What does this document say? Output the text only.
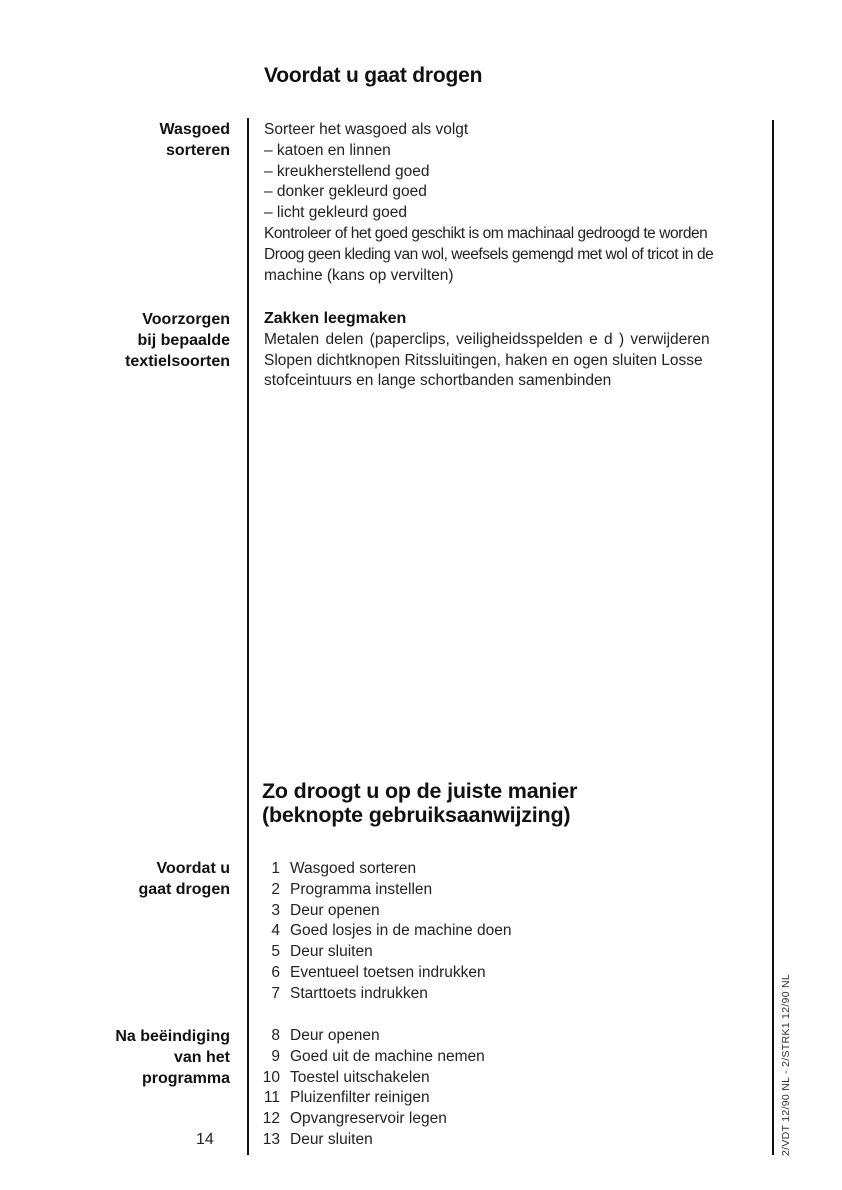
Voordat u gaat drogen
Wasgoed
sorteren
Sorteer het wasgoed als volgt
– katoen en linnen
– kreukherstellend goed
– donker gekleurd goed
– licht gekleurd goed
Kontroleer of het goed geschikt is om machinaal gedroogd te worden
Droog geen kleding van wol, weefsels gemengd met wol of tricot in de
machine (kans op vervilten)
Voorzorgen
bij bepaalde
textielsoorten
Zakken leegmaken
Metalen delen (paperclips, veiligheidsspelden e d ) verwijderen
Slopen dichtknopen Ritssluitingen, haken en ogen sluiten Losse
stofceintuurs en lange schortbanden samenbinden
Zo droogt u op de juiste manier
(beknopte gebruiksaanwijzing)
Voordat u
gaat drogen
1 Wasgoed sorteren
2 Programma instellen
3 Deur openen
4 Goed losjes in de machine doen
5 Deur sluiten
6 Eventueel toetsen indrukken
7 Starttoets indrukken
Na beëindiging
van het
programma
8 Deur openen
9 Goed uit de machine nemen
10 Toestel uitschakelen
11 Pluizenfilter reinigen
12 Opvangreservoir legen
13 Deur sluiten
14	2/VDT 12/90 NL - 2/STRK1 12/90 NL
